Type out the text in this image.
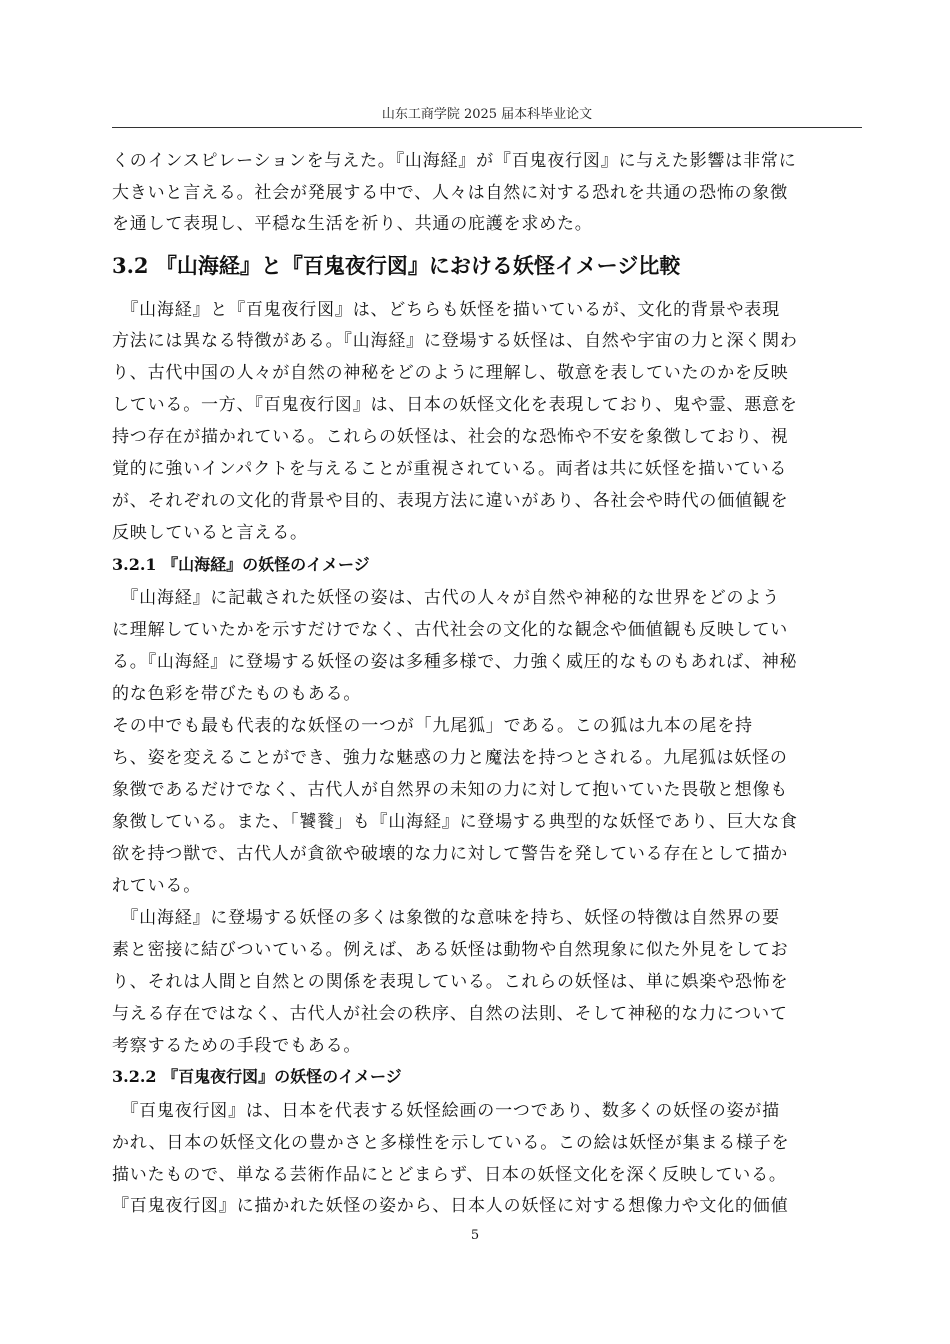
山东工商学院 2025 届本科毕业论文
くのインスピレーションを与えた。『山海経』が『百鬼夜行図』に与えた影響は非常に
大きいと言える。社会が発展する中で、人々は自然に対する恐れを共通の恐怖の象徴
を通して表現し、平穏な生活を祈り、共通の庇護を求めた。
3.2 『山海経』と『百鬼夜行図』における妖怪イメージ比較
　『山海経』と『百鬼夜行図』は、どちらも妖怪を描いているが、文化的背景や表現
方法には異なる特徴がある。『山海経』に登場する妖怪は、自然や宇宙の力と深く関わ
り、古代中国の人々が自然の神秘をどのように理解し、敬意を表していたのかを反映
している。一方、『百鬼夜行図』は、日本の妖怪文化を表現しており、鬼や霊、悪意を
持つ存在が描かれている。これらの妖怪は、社会的な恐怖や不安を象徴しており、視
覚的に強いインパクトを与えることが重視されている。両者は共に妖怪を描いている
が、それぞれの文化的背景や目的、表現方法に違いがあり、各社会や時代の価値観を
反映していると言える。
3.2.1 『山海経』の妖怪のイメージ
　『山海経』に記載された妖怪の姿は、古代の人々が自然や神秘的な世界をどのよう
に理解していたかを示すだけでなく、古代社会の文化的な観念や価値観も反映してい
る。『山海経』に登場する妖怪の姿は多種多様で、力強く威圧的なものもあれば、神秘
的な色彩を帯びたものもある。
その中でも最も代表的な妖怪の一つが「九尾狐」である。この狐は九本の尾を持
ち、姿を変えることができ、強力な魅惑の力と魔法を持つとされる。九尾狐は妖怪の
象徴であるだけでなく、古代人が自然界の未知の力に対して抱いていた畏敬と想像も
象徴している。また、「饕餮」も『山海経』に登場する典型的な妖怪であり、巨大な食
欲を持つ獣で、古代人が貪欲や破壊的な力に対して警告を発している存在として描か
れている。
　『山海経』に登場する妖怪の多くは象徴的な意味を持ち、妖怪の特徴は自然界の要
素と密接に結びついている。例えば、ある妖怪は動物や自然現象に似た外見をしてお
り、それは人間と自然との関係を表現している。これらの妖怪は、単に娯楽や恐怖を
与える存在ではなく、古代人が社会の秩序、自然の法則、そして神秘的な力について
考察するための手段でもある。
3.2.2 『百鬼夜行図』の妖怪のイメージ
　『百鬼夜行図』は、日本を代表する妖怪絵画の一つであり、数多くの妖怪の姿が描
かれ、日本の妖怪文化の豊かさと多様性を示している。この絵は妖怪が集まる様子を
描いたもので、単なる芸術作品にとどまらず、日本の妖怪文化を深く反映している。
『百鬼夜行図』に描かれた妖怪の姿から、日本人の妖怪に対する想像力や文化的価値
5
